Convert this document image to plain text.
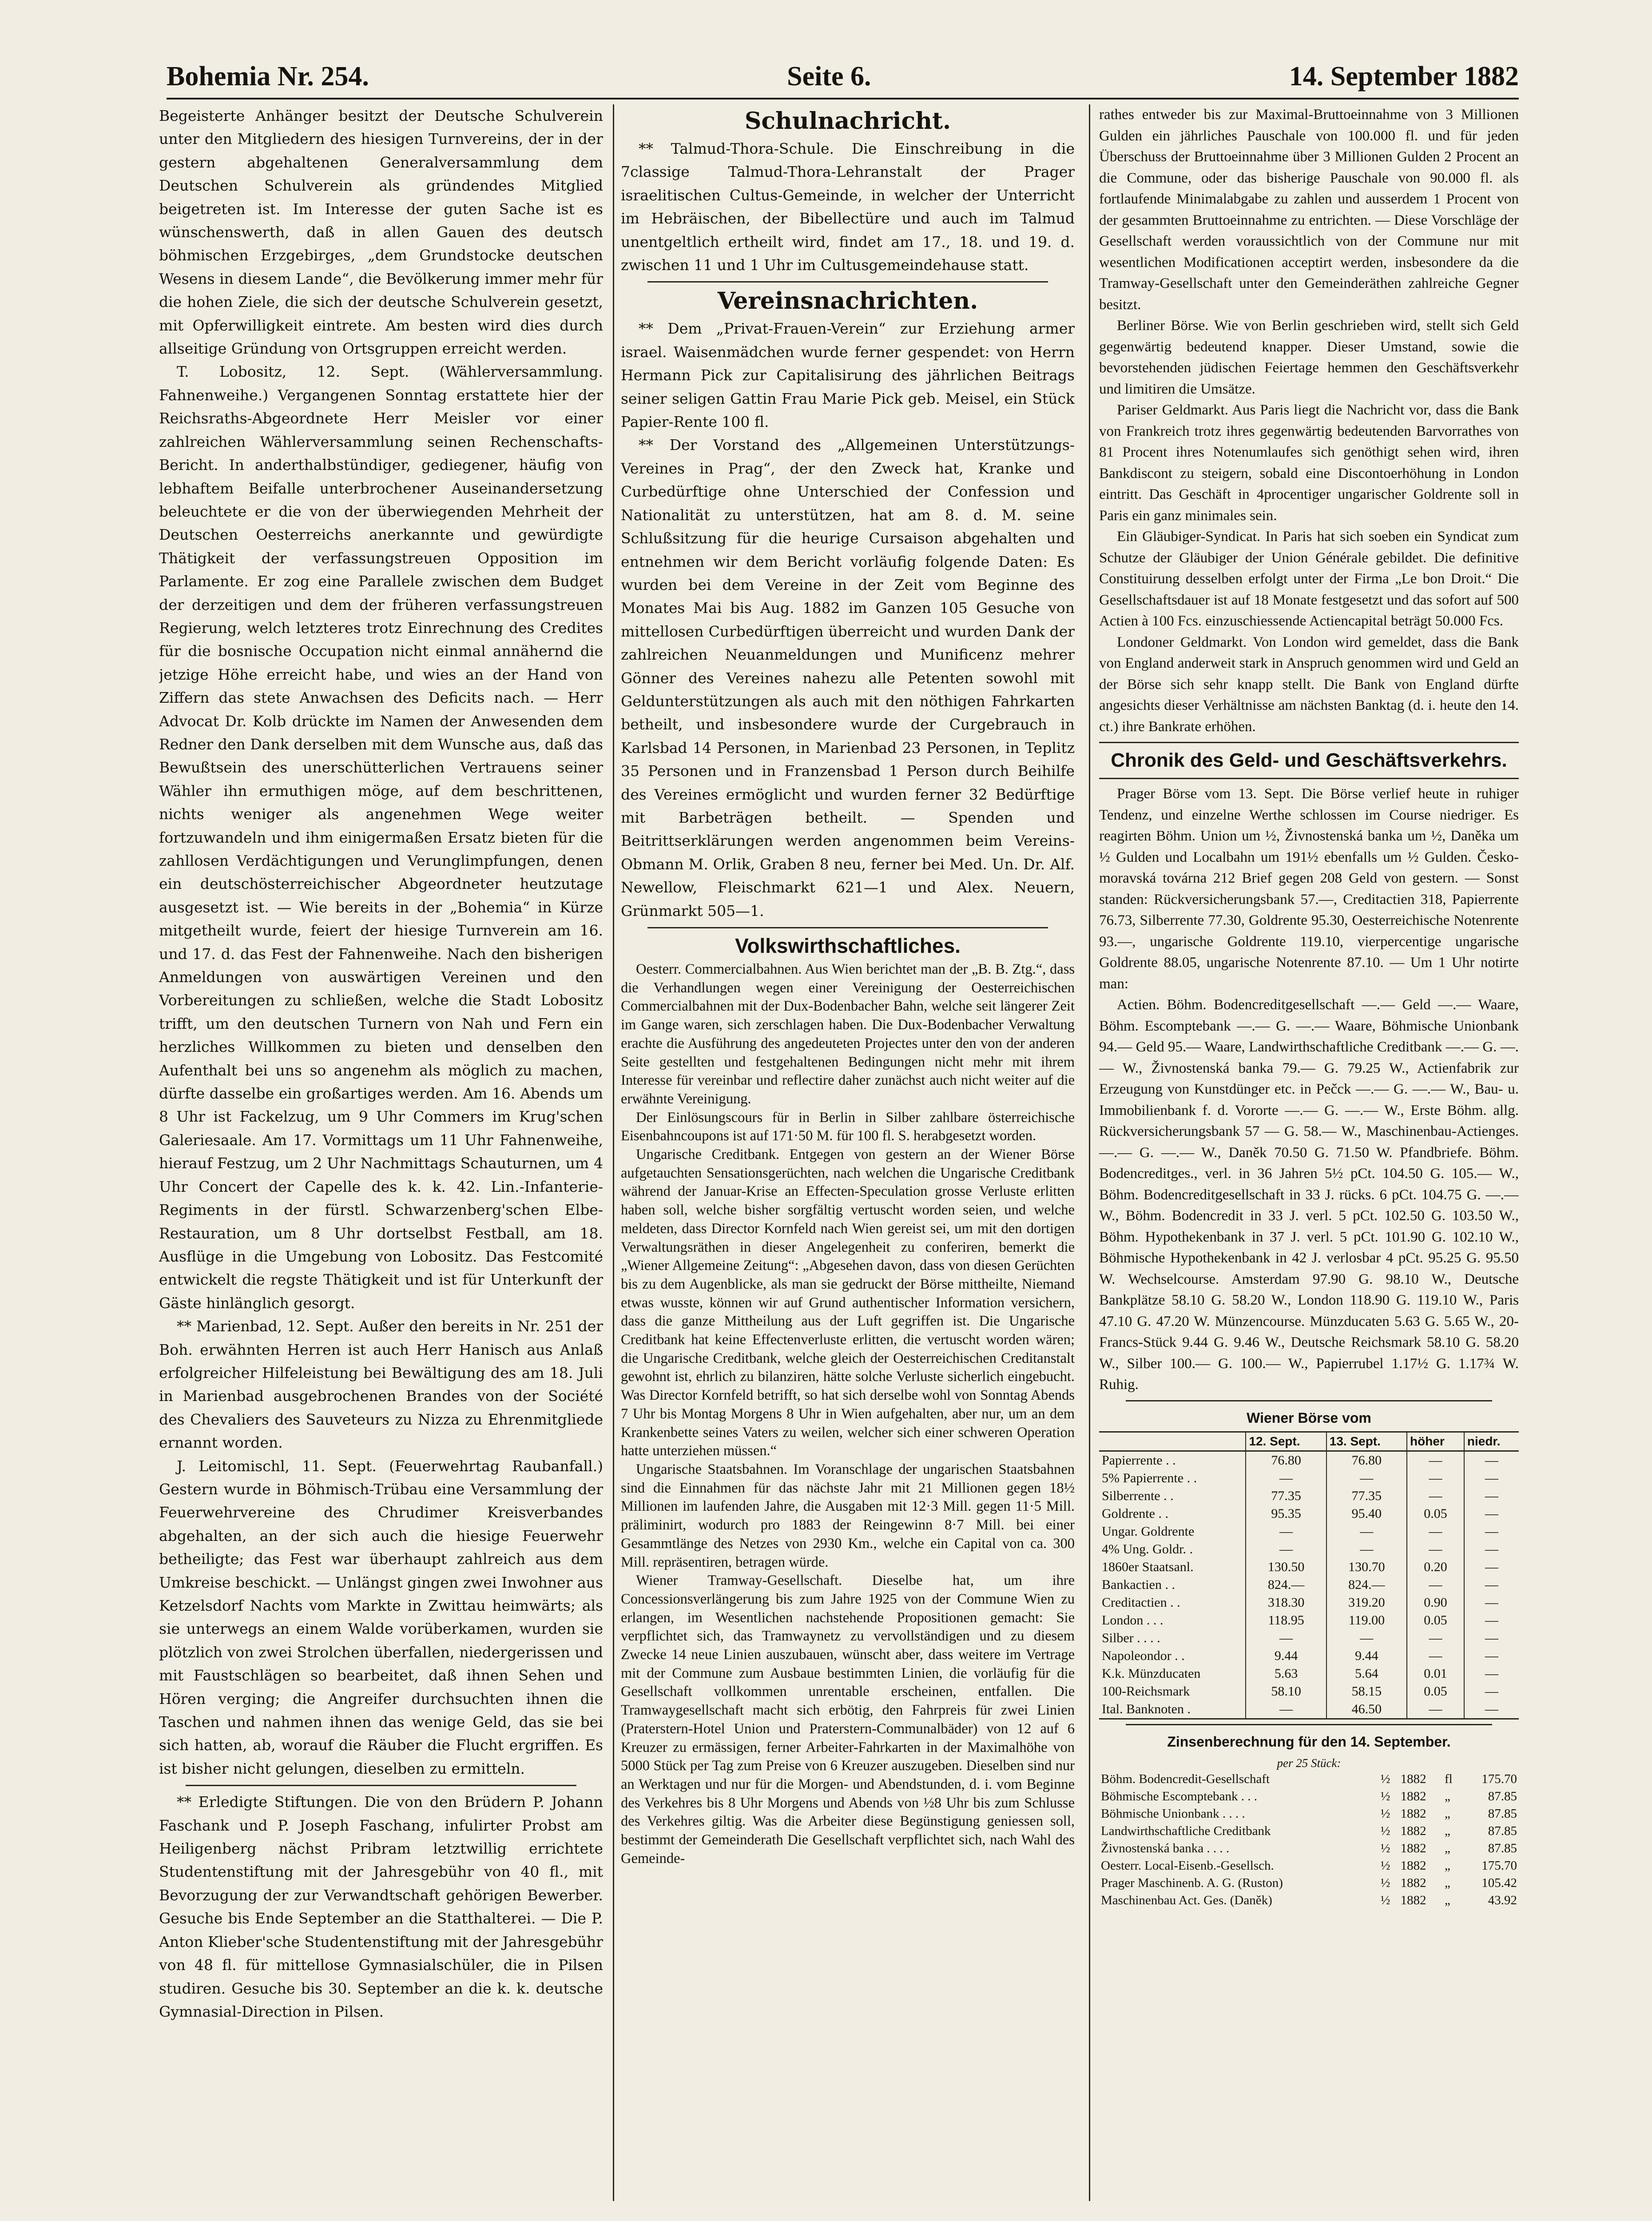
Bohemia Nr. 254.	Seite 6.	14. September 1882

Begeisterte Anhänger besitzt der Deutsche Schulverein unter den Mitgliedern des hiesigen Turnvereins, der in der gestern abgehaltenen Generalversammlung dem Deutschen Schulverein als gründendes Mitglied beigetreten ist. Im Interesse der guten Sache ist es wünschenswerth, daß in allen Gauen des deutsch böhmischen Erzgebirges, „dem Grundstocke deutschen Wesens in diesem Lande“, die Bevölkerung immer mehr für die hohen Ziele, die sich der deutsche Schulverein gesetzt, mit Opferwilligkeit eintrete. Am besten wird dies durch allseitige Gründung von Ortsgruppen erreicht werden.

T. Lobositz, 12. Sept. (Wählerversammlung. Fahnenweihe.) Vergangenen Sonntag erstattete hier der Reichsraths-Abgeordnete Herr Meisler vor einer zahlreichen Wählerversammlung seinen Rechenschafts-Bericht. In anderthalbstündiger, gediegener, häufig von lebhaftem Beifalle unterbrochener Auseinandersetzung beleuchtete er die von der überwiegenden Mehrheit der Deutschen Oesterreichs anerkannte und gewürdigte Thätigkeit der verfassungstreuen Opposition im Parlamente. Er zog eine Parallele zwischen dem Budget der derzeitigen und dem der früheren verfassungstreuen Regierung, welch letzteres trotz Einrechnung des Credites für die bosnische Occupation nicht einmal annähernd die jetzige Höhe erreicht habe, und wies an der Hand von Ziffern das stete Anwachsen des Deficits nach. — Herr Advocat Dr. Kolb drückte im Namen der Anwesenden dem Redner den Dank derselben mit dem Wunsche aus, daß das Bewußtsein des unerschütterlichen Vertrauens seiner Wähler ihn ermuthigen möge, auf dem beschrittenen, nichts weniger als angenehmen Wege weiter fortzuwandeln und ihm einigermaßen Ersatz bieten für die zahllosen Verdächtigungen und Verunglimpfungen, denen ein deutschösterreichischer Abgeordneter heutzutage ausgesetzt ist. — Wie bereits in der „Bohemia“ in Kürze mitgetheilt wurde, feiert der hiesige Turnverein am 16. und 17. d. das Fest der Fahnenweihe. Nach den bisherigen Anmeldungen von auswärtigen Vereinen und den Vorbereitungen zu schließen, welche die Stadt Lobositz trifft, um den deutschen Turnern von Nah und Fern ein herzliches Willkommen zu bieten und denselben den Aufenthalt bei uns so angenehm als möglich zu machen, dürfte dasselbe ein großartiges werden. Am 16. Abends um 8 Uhr ist Fackelzug, um 9 Uhr Commers im Krug'schen Galeriesaale. Am 17. Vormittags um 11 Uhr Fahnenweihe, hierauf Festzug, um 2 Uhr Nachmittags Schauturnen, um 4 Uhr Concert der Capelle des k. k. 42. Lin.-Infanterie-Regiments in der fürstl. Schwarzenberg'schen Elbe-Restauration, um 8 Uhr dortselbst Festball, am 18. Ausflüge in die Umgebung von Lobositz. Das Festcomité entwickelt die regste Thätigkeit und ist für Unterkunft der Gäste hinlänglich gesorgt.

** Marienbad, 12. Sept. Außer den bereits in Nr. 251 der Boh. erwähnten Herren ist auch Herr Hanisch aus Anlaß erfolgreicher Hilfeleistung bei Bewältigung des am 18. Juli in Marienbad ausgebrochenen Brandes von der Société des Chevaliers des Sauveteurs zu Nizza zu Ehrenmitgliede ernannt worden.

J. Leitomischl, 11. Sept. (Feuerwehrtag Raubanfall.) Gestern wurde in Böhmisch-Trübau eine Versammlung der Feuerwehrvereine des Chrudimer Kreisverbandes abgehalten, an der sich auch die hiesige Feuerwehr betheiligte; das Fest war überhaupt zahlreich aus dem Umkreise beschickt. — Unlängst gingen zwei Inwohner aus Ketzelsdorf Nachts vom Markte in Zwittau heimwärts; als sie unterwegs an einem Walde vorüberkamen, wurden sie plötzlich von zwei Strolchen überfallen, niedergerissen und mit Faustschlägen so bearbeitet, daß ihnen Sehen und Hören verging; die Angreifer durchsuchten ihnen die Taschen und nahmen ihnen das wenige Geld, das sie bei sich hatten, ab, worauf die Räuber die Flucht ergriffen. Es ist bisher nicht gelungen, dieselben zu ermitteln.

** Erledigte Stiftungen. Die von den Brüdern P. Johann Faschank und P. Joseph Faschang, infulirter Probst am Heiligenberg nächst Pribram letztwillig errichtete Studentenstiftung mit der Jahresgebühr von 40 fl., mit Bevorzugung der zur Verwandtschaft gehörigen Bewerber. Gesuche bis Ende September an die Statthalterei. — Die P. Anton Klieber'sche Studentenstiftung mit der Jahresgebühr von 48 fl. für mittellose Gymnasialschüler, die in Pilsen studiren. Gesuche bis 30. September an die k. k. deutsche Gymnasial-Direction in Pilsen.

Schulnachricht.

** Talmud-Thora-Schule. Die Einschreibung in die 7classige Talmud-Thora-Lehranstalt der Prager israelitischen Cultus-Gemeinde, in welcher der Unterricht im Hebräischen, der Bibellectüre und auch im Talmud unentgeltlich ertheilt wird, findet am 17., 18. und 19. d. zwischen 11 und 1 Uhr im Cultusgemeindehause statt.

Vereinsnachrichten.

** Dem „Privat-Frauen-Verein“ zur Erziehung armer israel. Waisenmädchen wurde ferner gespendet: von Herrn Hermann Pick zur Capitalisirung des jährlichen Beitrags seiner seligen Gattin Frau Marie Pick geb. Meisel, ein Stück Papier-Rente 100 fl.

** Der Vorstand des „Allgemeinen Unterstützungs-Vereines in Prag“, der den Zweck hat, Kranke und Curbedürftige ohne Unterschied der Confession und Nationalität zu unterstützen, hat am 8. d. M. seine Schlußsitzung für die heurige Cursaison abgehalten und entnehmen wir dem Bericht vorläufig folgende Daten: Es wurden bei dem Vereine in der Zeit vom Beginne des Monates Mai bis Aug. 1882 im Ganzen 105 Gesuche von mittellosen Curbedürftigen überreicht und wurden Dank der zahlreichen Neuanmeldungen und Munificenz mehrer Gönner des Vereines nahezu alle Petenten sowohl mit Geldunterstützungen als auch mit den nöthigen Fahrkarten betheilt, und insbesondere wurde der Curgebrauch in Karlsbad 14 Personen, in Marienbad 23 Personen, in Teplitz 35 Personen und in Franzensbad 1 Person durch Beihilfe des Vereines ermöglicht und wurden ferner 32 Bedürftige mit Barbeträgen betheilt. — Spenden und Beitrittserklärungen werden angenommen beim Vereins-Obmann M. Orlik, Graben 8 neu, ferner bei Med. Un. Dr. Alf. Newellow, Fleischmarkt 621—1 und Alex. Neuern, Grünmarkt 505—1.

Volkswirthschaftliches.

Oesterr. Commercialbahnen. Aus Wien berichtet man der „B. B. Ztg.“, dass die Verhandlungen wegen einer Vereinigung der Oesterreichischen Commercialbahnen mit der Dux-Bodenbacher Bahn, welche seit längerer Zeit im Gange waren, sich zerschlagen haben. Die Dux-Bodenbacher Verwaltung erachte die Ausführung des angedeuteten Projectes unter den von der anderen Seite gestellten und festgehaltenen Bedingungen nicht mehr mit ihrem Interesse für vereinbar und reflectire daher zunächst auch nicht weiter auf die erwähnte Vereinigung.

Der Einlösungscours für in Berlin in Silber zahlbare österreichische Eisenbahncoupons ist auf 171·50 M. für 100 fl. S. herabgesetzt worden.

Ungarische Creditbank. Entgegen von gestern an der Wiener Börse aufgetauchten Sensationsgerüchten, nach welchen die Ungarische Creditbank während der Januar-Krise an Effecten-Speculation grosse Verluste erlitten haben soll, welche bisher sorgfältig vertuscht worden seien, und welche meldeten, dass Director Kornfeld nach Wien gereist sei, um mit den dortigen Verwaltungsräthen in dieser Angelegenheit zu conferiren, bemerkt die „Wiener Allgemeine Zeitung“: „Abgesehen davon, dass von diesen Gerüchten bis zu dem Augenblicke, als man sie gedruckt der Börse mittheilte, Niemand etwas wusste, können wir auf Grund authentischer Information versichern, dass die ganze Mittheilung aus der Luft gegriffen ist. Die Ungarische Creditbank hat keine Effectenverluste erlitten, die vertuscht worden wären; die Ungarische Creditbank, welche gleich der Oesterreichischen Creditanstalt gewohnt ist, ehrlich zu bilanziren, hätte solche Verluste sicherlich eingebucht. Was Director Kornfeld betrifft, so hat sich derselbe wohl von Sonntag Abends 7 Uhr bis Montag Morgens 8 Uhr in Wien aufgehalten, aber nur, um an dem Krankenbette seines Vaters zu weilen, welcher sich einer schweren Operation hatte unterziehen müssen.“

Ungarische Staatsbahnen. Im Voranschlage der ungarischen Staatsbahnen sind die Einnahmen für das nächste Jahr mit 21 Millionen gegen 18½ Millionen im laufenden Jahre, die Ausgaben mit 12·3 Mill. gegen 11·5 Mill. präliminirt, wodurch pro 1883 der Reingewinn 8·7 Mill. bei einer Gesammtlänge des Netzes von 2930 Km., welche ein Capital von ca. 300 Mill. repräsentiren, betragen würde.

Wiener Tramway-Gesellschaft. Dieselbe hat, um ihre Concessionsverlängerung bis zum Jahre 1925 von der Commune Wien zu erlangen, im Wesentlichen nachstehende Propositionen gemacht: Sie verpflichtet sich, das Tramwaynetz zu vervollständigen und zu diesem Zwecke 14 neue Linien auszubauen, wünscht aber, dass weitere im Vertrage mit der Commune zum Ausbaue bestimmten Linien, die vorläufig für die Gesellschaft vollkommen unrentable erscheinen, entfallen. Die Tramwaygesellschaft macht sich erbötig, den Fahrpreis für zwei Linien (Praterstern-Hotel Union und Praterstern-Communalbäder) von 12 auf 6 Kreuzer zu ermässigen, ferner Arbeiter-Fahrkarten in der Maximalhöhe von 5000 Stück per Tag zum Preise von 6 Kreuzer auszugeben. Dieselben sind nur an Werktagen und nur für die Morgen- und Abendstunden, d. i. vom Beginne des Verkehres bis 8 Uhr Morgens und Abends von ½8 Uhr bis zum Schlusse des Verkehres giltig. Was die Arbeiter diese Begünstigung geniessen soll, bestimmt der Gemeinderath Die Gesellschaft verpflichtet sich, nach Wahl des Gemeinde-

rathes entweder bis zur Maximal-Bruttoeinnahme von 3 Millionen Gulden ein jährliches Pauschale von 100.000 fl. und für jeden Überschuss der Bruttoeinnahme über 3 Millionen Gulden 2 Procent an die Commune, oder das bisherige Pauschale von 90.000 fl. als fortlaufende Minimalabgabe zu zahlen und ausserdem 1 Procent von der gesammten Bruttoeinnahme zu entrichten. — Diese Vorschläge der Gesellschaft werden voraussichtlich von der Commune nur mit wesentlichen Modificationen acceptirt werden, insbesondere da die Tramway-Gesellschaft unter den Gemeinderäthen zahlreiche Gegner besitzt.

Berliner Börse. Wie von Berlin geschrieben wird, stellt sich Geld gegenwärtig bedeutend knapper. Dieser Umstand, sowie die bevorstehenden jüdischen Feiertage hemmen den Geschäftsverkehr und limitiren die Umsätze.

Pariser Geldmarkt. Aus Paris liegt die Nachricht vor, dass die Bank von Frankreich trotz ihres gegenwärtig bedeutenden Barvorrathes von 81 Procent ihres Notenumlaufes sich genöthigt sehen wird, ihren Bankdiscont zu steigern, sobald eine Discontoerhöhung in London eintritt. Das Geschäft in 4procentiger ungarischer Goldrente soll in Paris ein ganz minimales sein.

Ein Gläubiger-Syndicat. In Paris hat sich soeben ein Syndicat zum Schutze der Gläubiger der Union Générale gebildet. Die definitive Constituirung desselben erfolgt unter der Firma „Le bon Droit.“ Die Gesellschaftsdauer ist auf 18 Monate festgesetzt und das sofort auf 500 Actien à 100 Fcs. einzuschiessende Actiencapital beträgt 50.000 Fcs.

Londoner Geldmarkt. Von London wird gemeldet, dass die Bank von England anderweit stark in Anspruch genommen wird und Geld an der Börse sich sehr knapp stellt. Die Bank von England dürfte angesichts dieser Verhältnisse am nächsten Banktag (d. i. heute den 14. ct.) ihre Bankrate erhöhen.

Chronik des Geld- und Geschäftsverkehrs.

Prager Börse vom 13. Sept. Die Börse verlief heute in ruhiger Tendenz, und einzelne Werthe schlossen im Course niedriger. Es reagirten Böhm. Union um ½, Živnostenská banka um ½, Daněka um ½ Gulden und Localbahn um 191½ ebenfalls um ½ Gulden. Česko-moravská továrna 212 Brief gegen 208 Geld von gestern. — Sonst standen: Rückversicherungsbank 57.—, Creditactien 318, Papierrente 76.73, Silberrente 77.30, Goldrente 95.30, Oesterreichische Notenrente 93.—, ungarische Goldrente 119.10, vierpercentige ungarische Goldrente 88.05, ungarische Notenrente 87.10. — Um 1 Uhr notirte man:

Actien. Böhm. Bodencreditgesellschaft —.— Geld —.— Waare, Böhm. Escomptebank —.— G. —.— Waare, Böhmische Unionbank 94.— Geld 95.— Waare, Landwirthschaftliche Creditbank —.— G. —.— W., Živnostenská banka 79.— G. 79.25 W., Actienfabrik zur Erzeugung von Kunstdünger etc. in Pečck —.— G. —.— W., Bau- u. Immobilienbank f. d. Vororte —.— G. —.— W., Erste Böhm. allg. Rückversicherungsbank 57 — G. 58.— W., Maschinenbau-Actienges. —.— G. —.— W., Daněk 70.50 G. 71.50 W. Pfandbriefe. Böhm. Bodencreditges., verl. in 36 Jahren 5½ pCt. 104.50 G. 105.— W., Böhm. Bodencreditgesellschaft in 33 J. rücks. 6 pCt. 104.75 G. —.— W., Böhm. Bodencredit in 33 J. verl. 5 pCt. 102.50 G. 103.50 W., Böhm. Hypothekenbank in 37 J. verl. 5 pCt. 101.90 G. 102.10 W., Böhmische Hypothekenbank in 42 J. verlosbar 4 pCt. 95.25 G. 95.50 W. Wechselcourse. Amsterdam 97.90 G. 98.10 W., Deutsche Bankplätze 58.10 G. 58.20 W., London 118.90 G. 119.10 W., Paris 47.10 G. 47.20 W. Münzencourse. Münzducaten 5.63 G. 5.65 W., 20-Francs-Stück 9.44 G. 9.46 W., Deutsche Reichsmark 58.10 G. 58.20 W., Silber 100.— G. 100.— W., Papierrubel 1.17½ G. 1.17¾ W. Ruhig.

Wiener Börse vom
	12. Sept.	13. Sept.	höher	niedr.
Papierrente . .	76.80	76.80	—	—
5% Papierrente . .	—	—	—	—
Silberrente . .	77.35	77.35	—	—
Goldrente . .	95.35	95.40	0.05	—
Ungar. Goldrente	—	—	—	—
4% Ung. Goldr. .	—	—	—	—
1860er Staatsanl.	130.50	130.70	0.20	—
Bankactien . .	824.—	824.—	—	—
Creditactien . .	318.30	319.20	0.90	—
London . . .	118.95	119.00	0.05	—
Silber . . . .	—	—	—	—
Napoleondor . .	9.44	9.44	—	—
K.k. Münzducaten	5.63	5.64	0.01	—
100-Reichsmark	58.10	58.15	0.05	—
Ital. Banknoten .	—	46.50	—	—
Zinsenberechnung für den 14. September.
per 25 Stück:
Böhm. Bodencredit-Gesellschaft	½	1882	fl	175.70
Böhmische Escomptebank . . .	½	1882	„	87.85
Böhmische Unionbank . . . .	½	1882	„	87.85
Landwirthschaftliche Creditbank	½	1882	„	87.85
Živnostenská banka . . . .	½	1882	„	87.85
Oesterr. Local-Eisenb.-Gesellsch.	½	1882	„	175.70
Prager Maschinenb. A. G. (Ruston)	½	1882	„	105.42
Maschinenbau Act. Ges. (Daněk)	½	1882	„	43.92
